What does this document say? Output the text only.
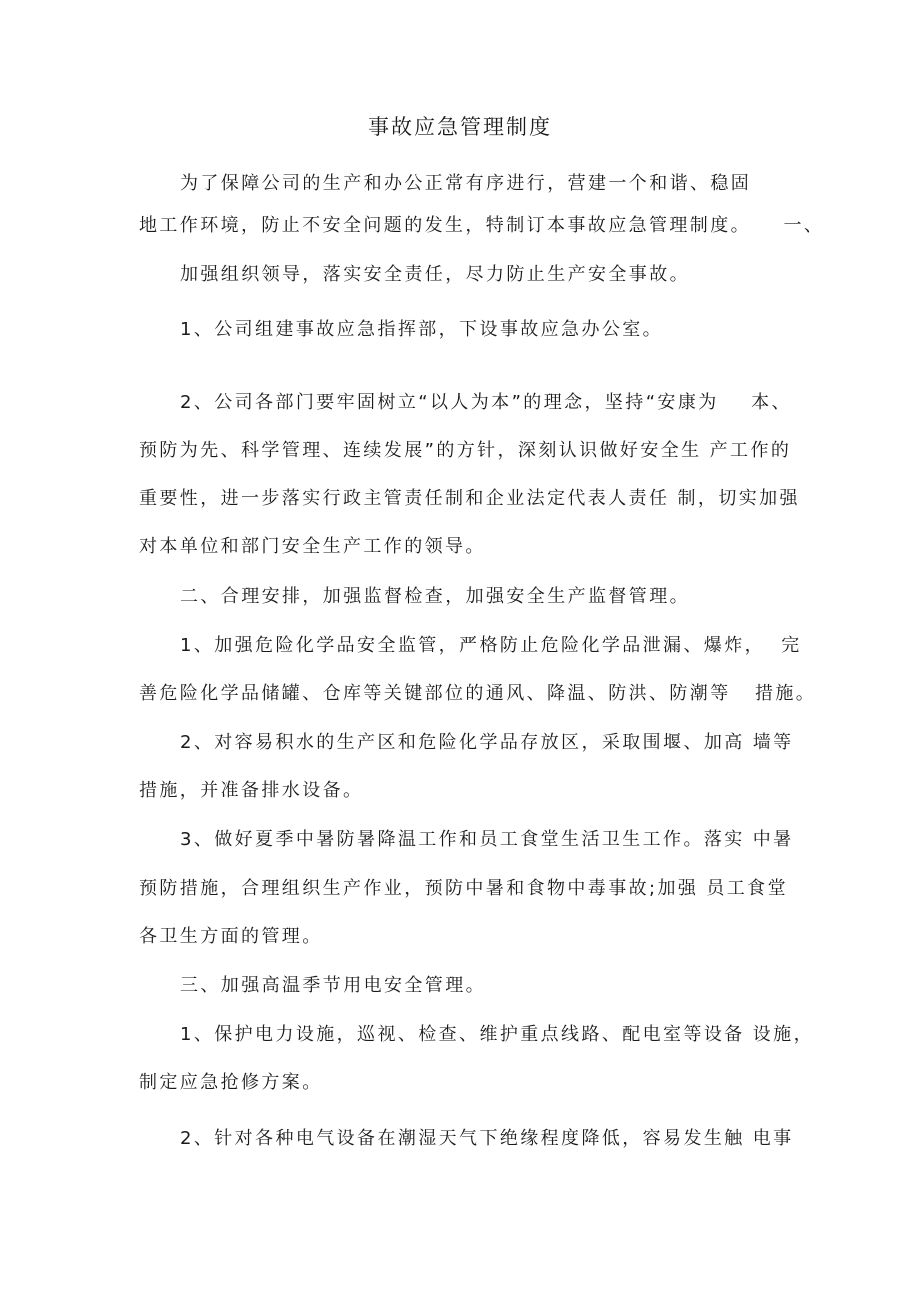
事故应急管理制度
为了保障公司的生产和办公正常有序进行，营建一个和谐、稳固
地工作环境，防止不安全问题的发生，特制订本事故应急管理制度。    一、
加强组织领导，落实安全责任，尽力防止生产安全事故。
1、公司组建事故应急指挥部，下设事故应急办公室。
2、公司各部门要牢固树立“以人为本”的理念，坚持“安康为    本、
预防为先、科学管理、连续发展”的方针，深刻认识做好安全生 产工作的
重要性，进一步落实行政主管责任制和企业法定代表人责任 制，切实加强
对本单位和部门安全生产工作的领导。
二、合理安排，加强监督检查，加强安全生产监督管理。
1、加强危险化学品安全监管，严格防止危险化学品泄漏、爆炸，  完
善危险化学品储罐、仓库等关键部位的通风、降温、防洪、防潮等   措施。
2、对容易积水的生产区和危险化学品存放区，采取围堰、加高 墙等
措施，并准备排水设备。
3、做好夏季中暑防暑降温工作和员工食堂生活卫生工作。落实 中暑
预防措施，合理组织生产作业，预防中暑和食物中毒事故;加强 员工食堂
各卫生方面的管理。
三、加强高温季节用电安全管理。
1、保护电力设施，巡视、检查、维护重点线路、配电室等设备 设施，
制定应急抢修方案。
2、针对各种电气设备在潮湿天气下绝缘程度降低，容易发生触 电事
